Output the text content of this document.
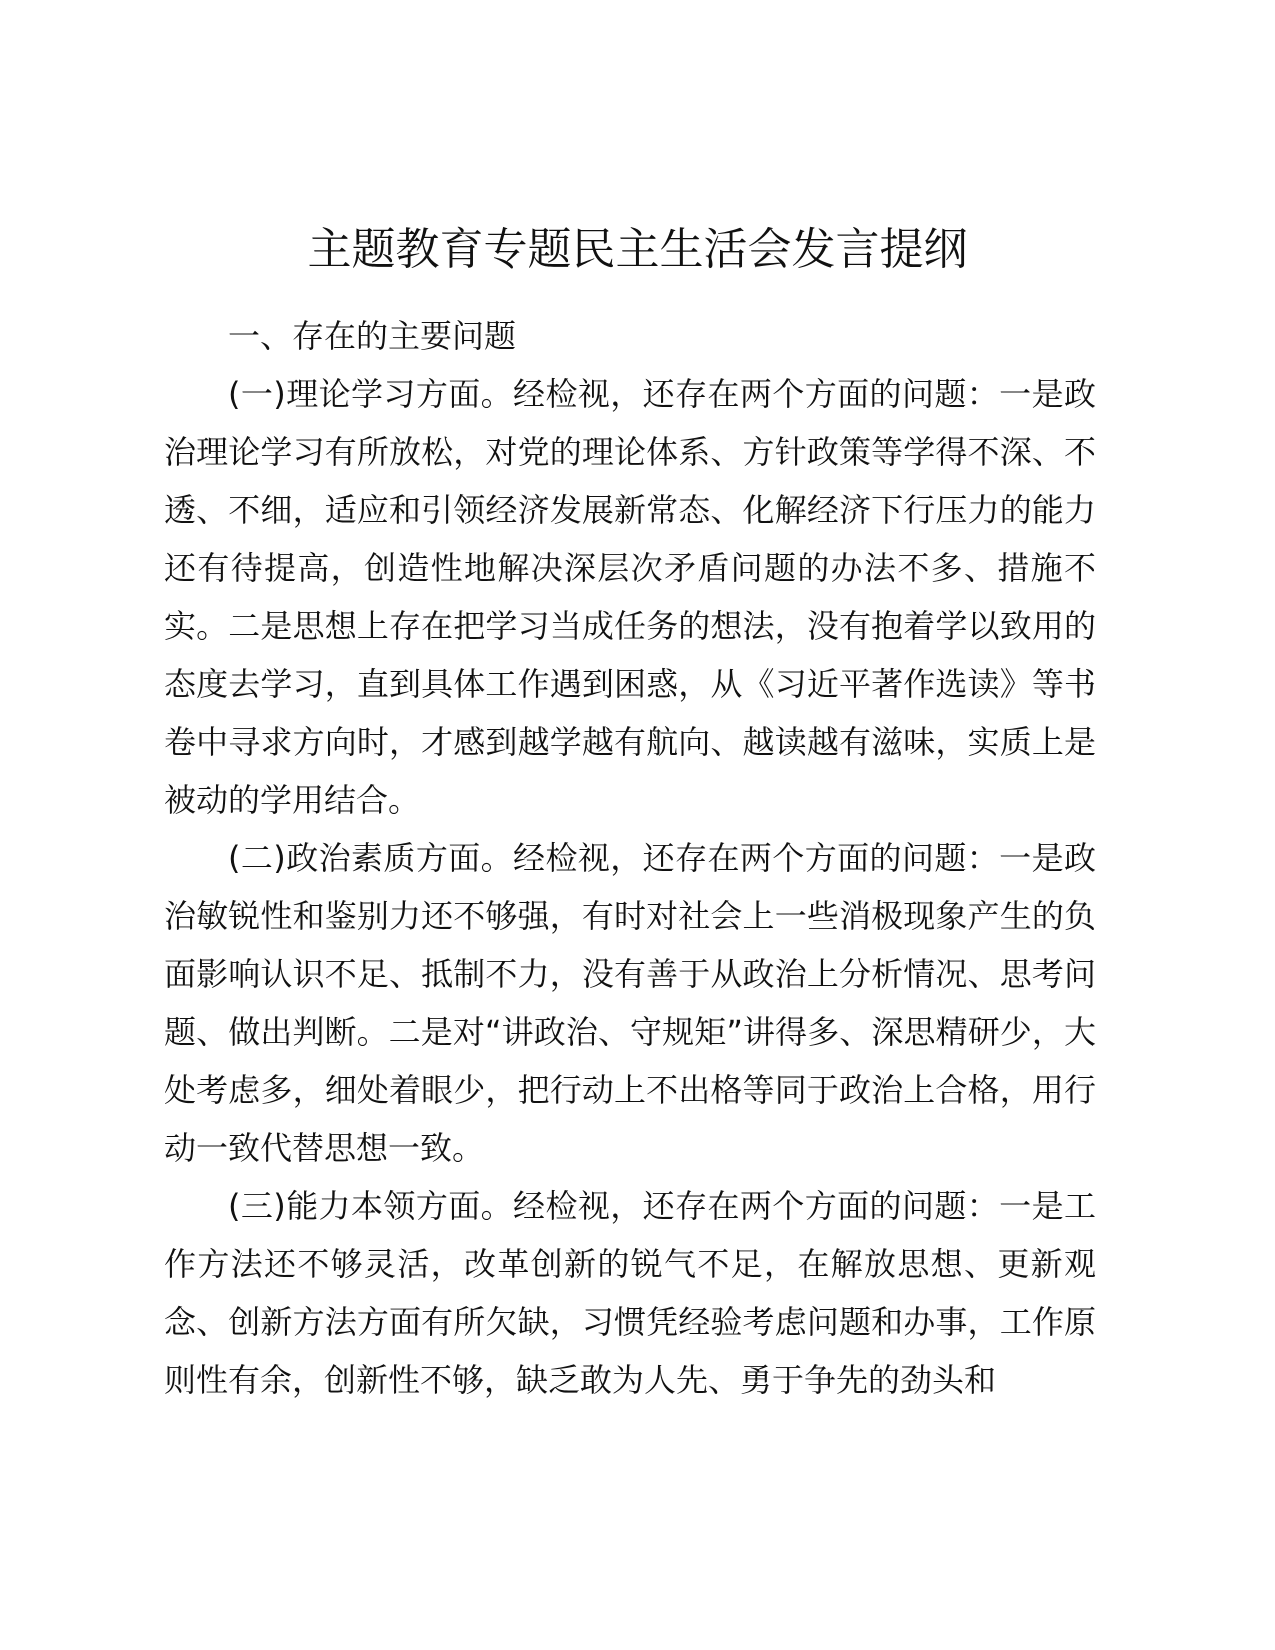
主题教育专题民主生活会发言提纲

一、存在的主要问题

(一)理论学习方面。经检视，还存在两个方面的问题：一是政治理论学习有所放松，对党的理论体系、方针政策等学得不深、不透、不细，适应和引领经济发展新常态、化解经济下行压力的能力还有待提高，创造性地解决深层次矛盾问题的办法不多、措施不实。二是思想上存在把学习当成任务的想法，没有抱着学以致用的态度去学习，直到具体工作遇到困惑，从《习近平著作选读》等书卷中寻求方向时，才感到越学越有航向、越读越有滋味，实质上是被动的学用结合。

(二)政治素质方面。经检视，还存在两个方面的问题：一是政治敏锐性和鉴别力还不够强，有时对社会上一些消极现象产生的负面影响认识不足、抵制不力，没有善于从政治上分析情况、思考问题、做出判断。二是对“讲政治、守规矩”讲得多、深思精研少，大处考虑多，细处着眼少，把行动上不出格等同于政治上合格，用行动一致代替思想一致。

(三)能力本领方面。经检视，还存在两个方面的问题：一是工作方法还不够灵活，改革创新的锐气不足，在解放思想、更新观念、创新方法方面有所欠缺，习惯凭经验考虑问题和办事，工作原则性有余，创新性不够，缺乏敢为人先、勇于争先的劲头和
